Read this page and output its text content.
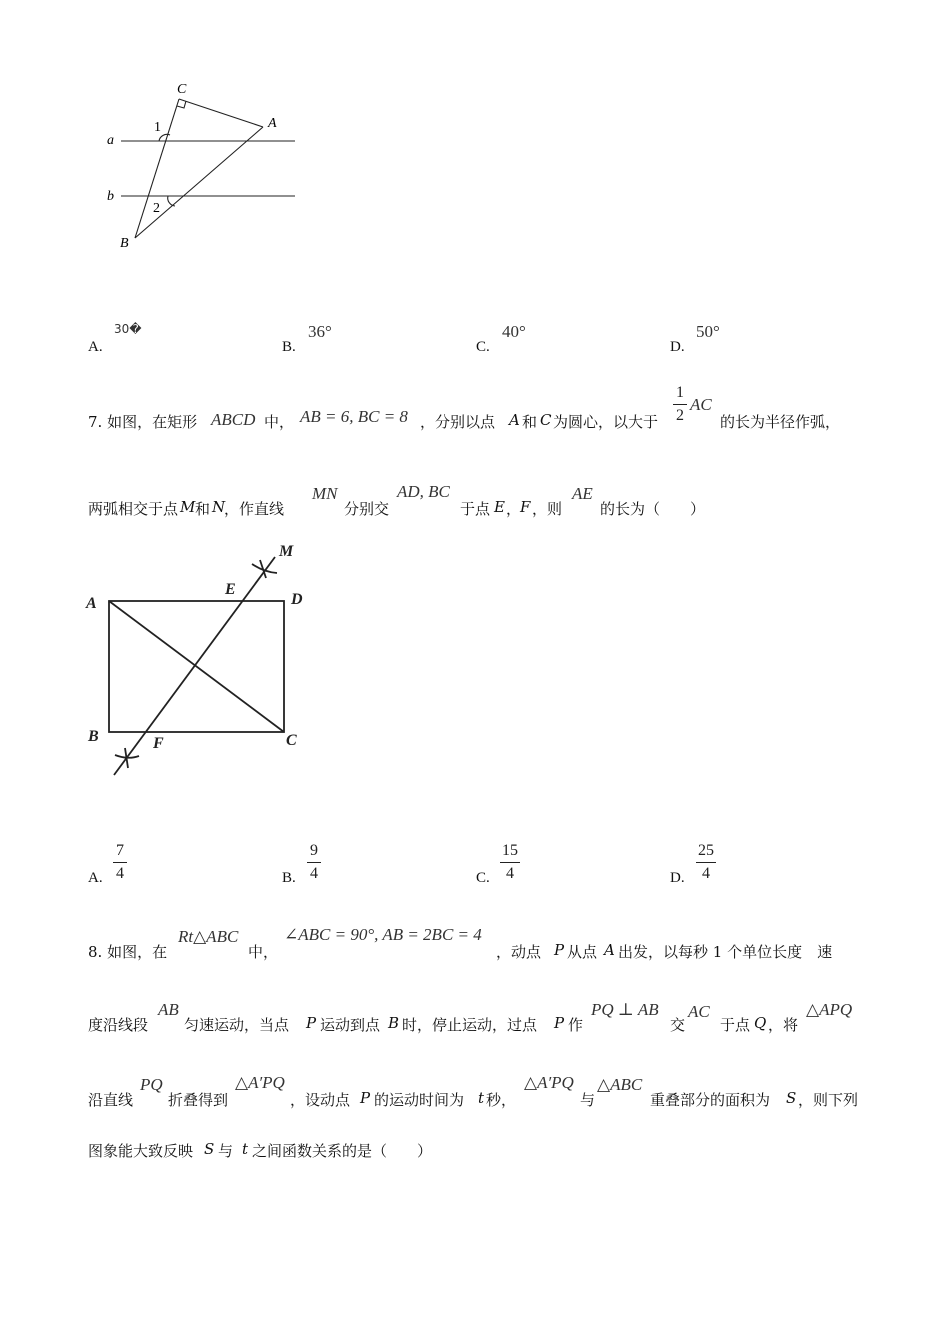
C
A
a
b
B
1
2
A.
30�
B.
36°
C.
40°
D.
50°
7. 如图，在矩形 ABCD 中， AB = 6, BC = 8 ，分别以点 A 和 C 为圆心，以大于
1
2
AC
的长为半径作弧，
两弧相交于点 M 和 N
，作直线
MN
分别交
AD, BC
于点 E ，
F ，则
AE
的长为（　　）
M
A
E
D
B	F	C
A.
7
4	B.
9
4	C.
15
4	D.
25
4
8. 如图，在
Rt△ABC
中，
∠ABC = 90°, AB = 2BC = 4
，动点 P 从点 A 出发，以每秒 1 个单位长度　速
度沿线段
AB
匀速运动，当点 P 运动到点 B 时，停止运动，过点 P 作
PQ ⊥ AB
交
AC
于点 Q ，将
△APQ
沿直线
PQ
折叠得到
△A′PQ
，设动点 P 的运动时间为 t 秒，
△A′PQ
与
△ABC
重叠部分的面积为 S ，则下列
图象能大致反映 S 与 t 之间函数关系的是（　　）
